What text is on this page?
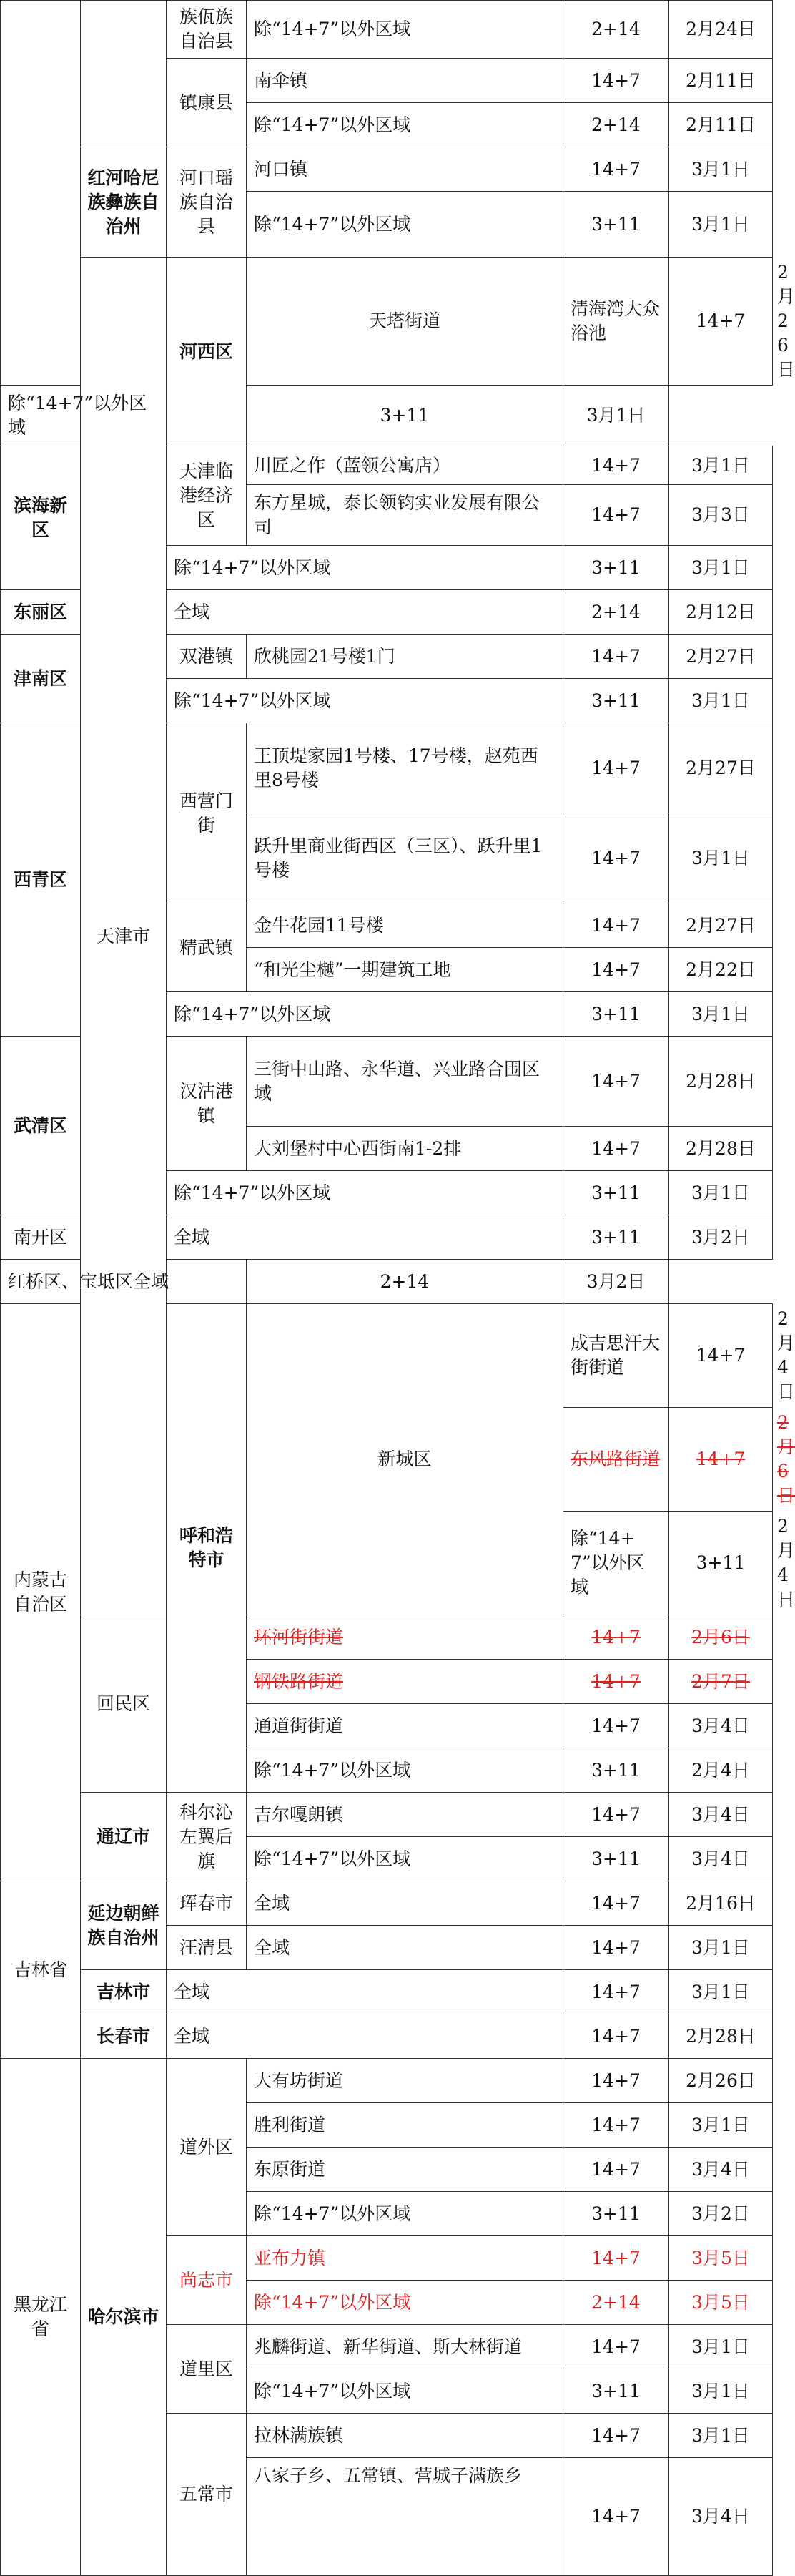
		族佤族自治县	除“14+7”以外区域	2+14	2月24日	
		镇康县	南伞镇	14+7	2月11日	
			除“14+7”以外区域	2+14	2月11日	
	红河哈尼族彝族自治州	河口瑶族自治县	河口镇	14+7	3月1日	
			除“14+7”以外区域	3+11	3月1日	
	天津市	河西区	天塔街道	清海湾大众浴池	14+7	2月26日
除“14+7”以外区域			3+11	3月1日		
滨海新区		天津临港经济区	川匠之作（蓝领公寓店）	14+7	3月1日	
			东方星城，泰长领钧实业发展有限公司	14+7	3月3日	
		除“14+7”以外区域		3+11	3月1日	
东丽区		全域		2+14	2月12日	
津南区		双港镇	欣桃园21号楼1门	14+7	2月27日	
		除“14+7”以外区域		3+11	3月1日	
西青区		西营门街	王顶堤家园1号楼、17号楼，赵苑西里8号楼	14+7	2月27日	
			跃升里商业街西区（三区）、跃升里1号楼	14+7	3月1日	
		精武镇	金牛花园11号楼	14+7	2月27日	
			“和光尘樾”一期建筑工地	14+7	2月22日	
		除“14+7”以外区域		3+11	3月1日	
武清区		汉沽港镇	三街中山路、永华道、兴业路合围区域	14+7	2月28日	
			大刘堡村中心西街南1-2排	14+7	2月28日	
		除“14+7”以外区域		3+11	3月1日	
南开区		全域		3+11	3月2日	
红桥区、宝坻区全域			2+14	3月2日		
内蒙古自治区		呼和浩特市	新城区	成吉思汗大街街道	14+7	2月4日
				东风路街道	14+7	2月6日
				除“14+7”以外区域	3+11	2月4日
	回民区		环河街街道	14+7	2月6日	
			钢铁路街道	14+7	2月7日	
			通道街街道	14+7	3月4日	
			除“14+7”以外区域	3+11	2月4日	
	通辽市	科尔沁左翼后旗	吉尔嘎朗镇	14+7	3月4日	
			除“14+7”以外区域	3+11	3月4日	
吉林省	延边朝鲜族自治州	珲春市	全域	14+7	2月16日	
		汪清县	全域	14+7	3月1日	
	吉林市	全域		14+7	3月1日	
	长春市	全域		14+7	2月28日	
黑龙江省	哈尔滨市	道外区	大有坊街道	14+7	2月26日	
			胜利街道	14+7	3月1日	
			东原街道	14+7	3月4日	
			除“14+7”以外区域	3+11	3月2日	
		尚志市	亚布力镇	14+7	3月5日	
			除“14+7”以外区域	2+14	3月5日	
		道里区	兆麟街道、新华街道、斯大林街道	14+7	3月1日	
			除“14+7”以外区域	3+11	3月1日	
		五常市	拉林满族镇	14+7	3月1日	
			八家子乡、五常镇、营城子满族乡	14+7	3月4日	
